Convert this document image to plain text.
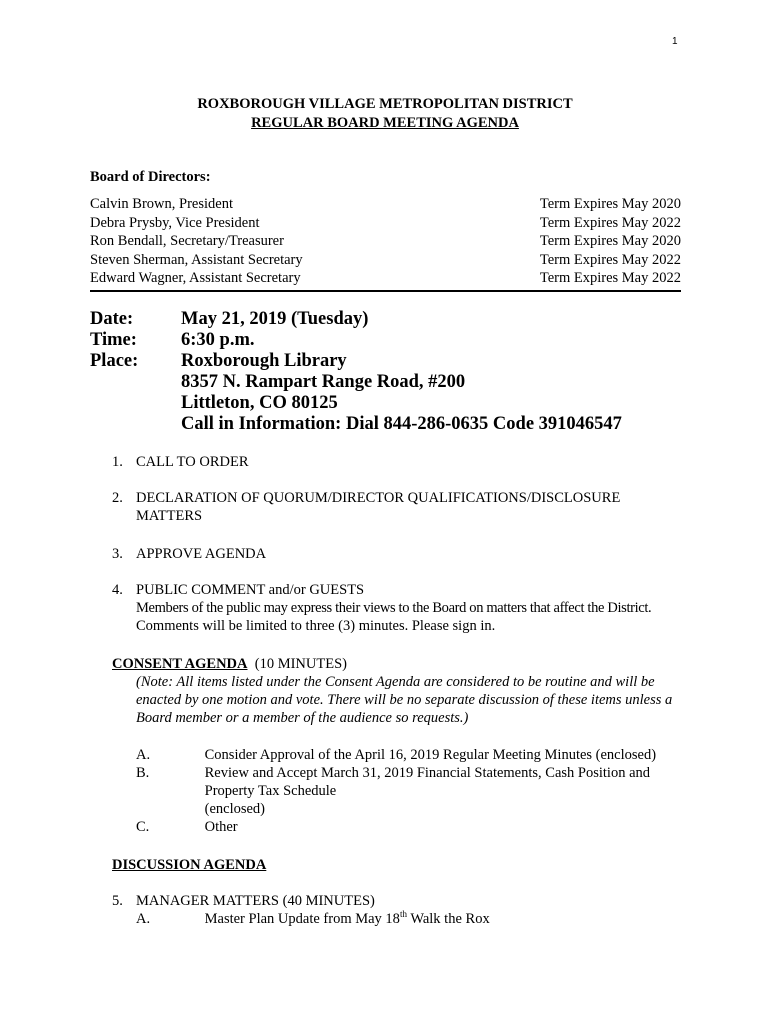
1
ROXBOROUGH VILLAGE METROPOLITAN DISTRICT
REGULAR BOARD MEETING AGENDA
Board of Directors:
Calvin Brown, President	Term Expires May 2020
Debra Prysby, Vice President	Term Expires May 2022
Ron Bendall, Secretary/Treasurer	Term Expires May 2020
Steven Sherman, Assistant Secretary	Term Expires May 2022
Edward Wagner, Assistant Secretary	Term Expires May 2022
Date:	May 21, 2019 (Tuesday)
Time:	6:30 p.m.
Place:	Roxborough Library
8357 N. Rampart Range Road, #200
Littleton, CO 80125
Call in Information: Dial 844-286-0635 Code 391046547
1. CALL TO ORDER
2. DECLARATION OF QUORUM/DIRECTOR QUALIFICATIONS/DISCLOSURE
MATTERS
3. APPROVE AGENDA
4. PUBLIC COMMENT and/or GUESTS
Members of the public may express their views to the Board on matters that affect the District.
Comments will be limited to three (3) minutes. Please sign in.
CONSENT AGENDA (10 MINUTES)
(Note: All items listed under the Consent Agenda are considered to be routine and will be
enacted by one motion and vote. There will be no separate discussion of these items unless a
Board member or a member of the audience so requests.)
A.	Consider Approval of the April 16, 2019 Regular Meeting Minutes (enclosed)
B.	Review and Accept March 31, 2019 Financial Statements, Cash Position and
Property Tax Schedule
(enclosed)
C.	Other
DISCUSSION AGENDA
5. MANAGER MATTERS (40 MINUTES)
A.	Master Plan Update from May 18th Walk the Rox
